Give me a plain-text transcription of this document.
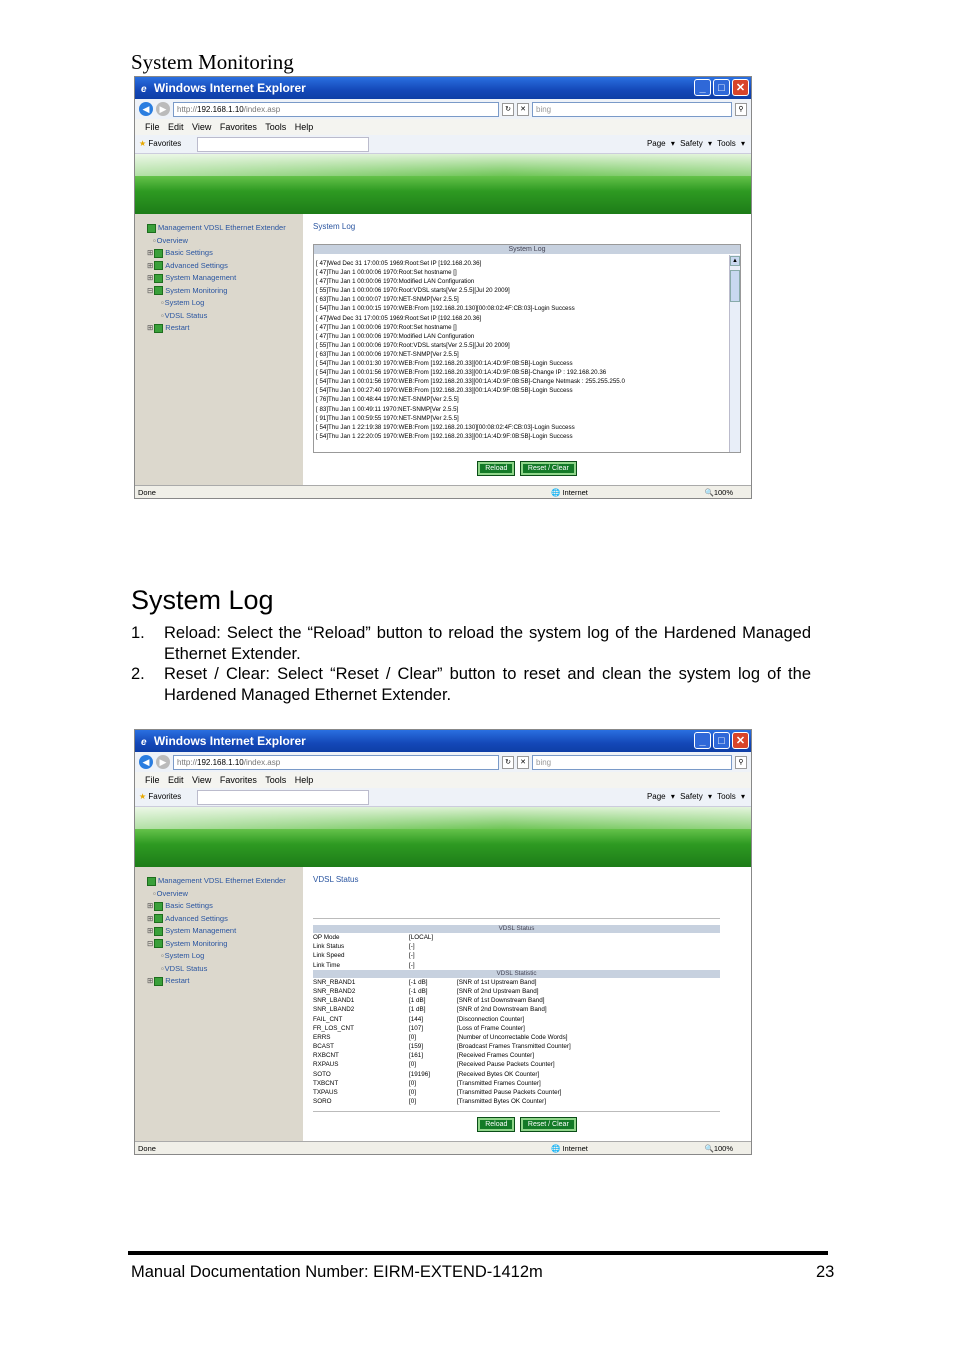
System Monitoring
e Windows Internet Explorer	_	□	✕
◀	▶	http://192.168.1.10/index.asp	↻	✕	bing	⚲
File Edit View Favorites Tools Help
★ Favorites	Page ▾ Safety ▾ Tools ▾
Management VDSL Ethernet Extender
▫Overview
⊞ Basic Settings
⊞ Advanced Settings
⊞ System Management
⊟ System Monitoring
▫System Log
▫VDSL Status
⊞ Restart
System Log
System Log
[ 47]Wed Dec 31 17:00:05 1969:Root:Set IP [192.168.20.36]
[ 47]Thu Jan 1 00:00:06 1970:Root:Set hostname []
[ 47]Thu Jan 1 00:00:06 1970:Modified LAN Configuration
[ 55]Thu Jan 1 00:00:06 1970:Root:VDSL starts[Ver 2.5.5][Jul 20 2009]
[ 63]Thu Jan 1 00:00:07 1970:NET-SNMP[Ver 2.5.5]
[ 54]Thu Jan 1 00:00:15 1970:WEB:From [192.168.20.130][00:08:02:4F:CB:03]-Login Success
[ 47]Wed Dec 31 17:00:05 1969:Root:Set IP [192.168.20.36]
[ 47]Thu Jan 1 00:00:06 1970:Root:Set hostname []
[ 47]Thu Jan 1 00:00:06 1970:Modified LAN Configuration
[ 55]Thu Jan 1 00:00:06 1970:Root:VDSL starts[Ver 2.5.5][Jul 20 2009]
[ 63]Thu Jan 1 00:00:06 1970:NET-SNMP[Ver 2.5.5]
[ 54]Thu Jan 1 00:01:30 1970:WEB:From [192.168.20.33][00:1A:4D:9F:0B:5B]-Login Success
[ 54]Thu Jan 1 00:01:56 1970:WEB:From [192.168.20.33][00:1A:4D:9F:0B:5B]-Change IP : 192.168.20.36
[ 54]Thu Jan 1 00:01:56 1970:WEB:From [192.168.20.33][00:1A:4D:9F:0B:5B]-Change Netmask : 255.255.255.0
[ 54]Thu Jan 1 00:27:40 1970:WEB:From [192.168.20.33][00:1A:4D:9F:0B:5B]-Login Success
[ 76]Thu Jan 1 00:48:44 1970:NET-SNMP[Ver 2.5.5]
[ 83]Thu Jan 1 00:49:11 1970:NET-SNMP[Ver 2.5.5]
[ 91]Thu Jan 1 00:59:55 1970:NET-SNMP[Ver 2.5.5]
[ 54]Thu Jan 1 22:19:38 1970:WEB:From [192.168.20.130][00:08:02:4F:CB:03]-Login Success
[ 54]Thu Jan 1 22:20:05 1970:WEB:From [192.168.20.33][00:1A:4D:9F:0B:5B]-Login Success
▲
Reload	Reset / Clear
Done	🌐 Internet	🔍100%
System Log
1. Reload: Select the “Reload” button to reload the system log of the Hardened Managed Ethernet Extender.
2. Reset / Clear: Select “Reset / Clear” button to reset and clean the system log of the Hardened Managed Ethernet Extender.
e Windows Internet Explorer	_	□	✕
◀	▶	http://192.168.1.10/index.asp	↻	✕	bing	⚲
File Edit View Favorites Tools Help
★ Favorites	Page ▾ Safety ▾ Tools ▾
Management VDSL Ethernet Extender
▫Overview
⊞ Basic Settings
⊞ Advanced Settings
⊞ System Management
⊟ System Monitoring
▫System Log
▫VDSL Status
⊞ Restart
VDSL Status
VDSL Status
OP Mode	[LOCAL]
Link Status	[-]
Link Speed	[-]
Link Time	[-]
VDSL Statistic
SNR_RBAND1	[-1 dB]	[SNR of 1st Upstream Band]
SNR_RBAND2	[-1 dB]	[SNR of 2nd Upstream Band]
SNR_LBAND1	[1 dB]	[SNR of 1st Downstream Band]
SNR_LBAND2	[1 dB]	[SNR of 2nd Downstream Band]
FAIL_CNT	[144]	[Disconnection Counter]
FR_LOS_CNT	[107]	[Loss of Frame Counter]
ERRS	[0]	[Number of Uncorrectable Code Words]
BCAST	[159]	[Broadcast Frames Transmitted Counter]
RXBCNT	[161]	[Received Frames Counter]
RXPAUS	[0]	[Received Pause Packets Counter]
SOTO	[19196]	[Received Bytes OK Counter]
TXBCNT	[0]	[Transmitted Frames Counter]
TXPAUS	[0]	[Transmitted Pause Packets Counter]
SORO	[0]	[Transmitted Bytes OK Counter]
Reload	Reset / Clear
Done	🌐 Internet	🔍100%
Manual Documentation Number: EIRM-EXTEND-1412m	23
